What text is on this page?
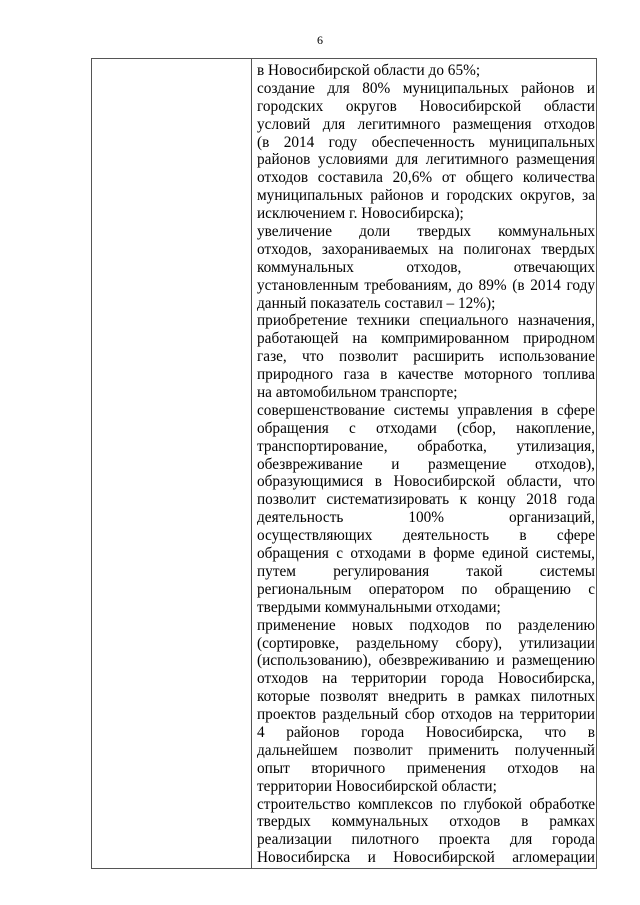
6
в Новосибирской области до 65%;
создание для 80% муниципальных районов и
городских округов Новосибирской области
условий для легитимного размещения отходов
(в 2014 году обеспеченность муниципальных
районов условиями для легитимного размещения
отходов составила 20,6% от общего количества
муниципальных районов и городских округов, за
исключением г. Новосибирска);
увеличение доли твердых коммунальных
отходов, захораниваемых на полигонах твердых
коммунальных отходов, отвечающих
установленным требованиям, до 89% (в 2014 году
данный показатель составил – 12%);
приобретение техники специального назначения,
работающей на компримированном природном
газе, что позволит расширить использование
природного газа в качестве моторного топлива
на автомобильном транспорте;
совершенствование системы управления в сфере
обращения с отходами (сбор, накопление,
транспортирование, обработка, утилизация,
обезвреживание и размещение отходов),
образующимися в Новосибирской области, что
позволит систематизировать к концу 2018 года
деятельность 100% организаций,
осуществляющих деятельность в сфере
обращения с отходами в форме единой системы,
путем регулирования такой системы
региональным оператором по обращению с
твердыми коммунальными отходами;
применение новых подходов по разделению
(сортировке, раздельному сбору), утилизации
(использованию), обезвреживанию и размещению
отходов на территории города Новосибирска,
которые позволят внедрить в рамках пилотных
проектов раздельный сбор отходов на территории
4 районов города Новосибирска, что в
дальнейшем позволит применить полученный
опыт вторичного применения отходов на
территории Новосибирской области;
строительство комплексов по глубокой обработке
твердых коммунальных отходов в рамках
реализации пилотного проекта для города
Новосибирска и Новосибирской агломерации
